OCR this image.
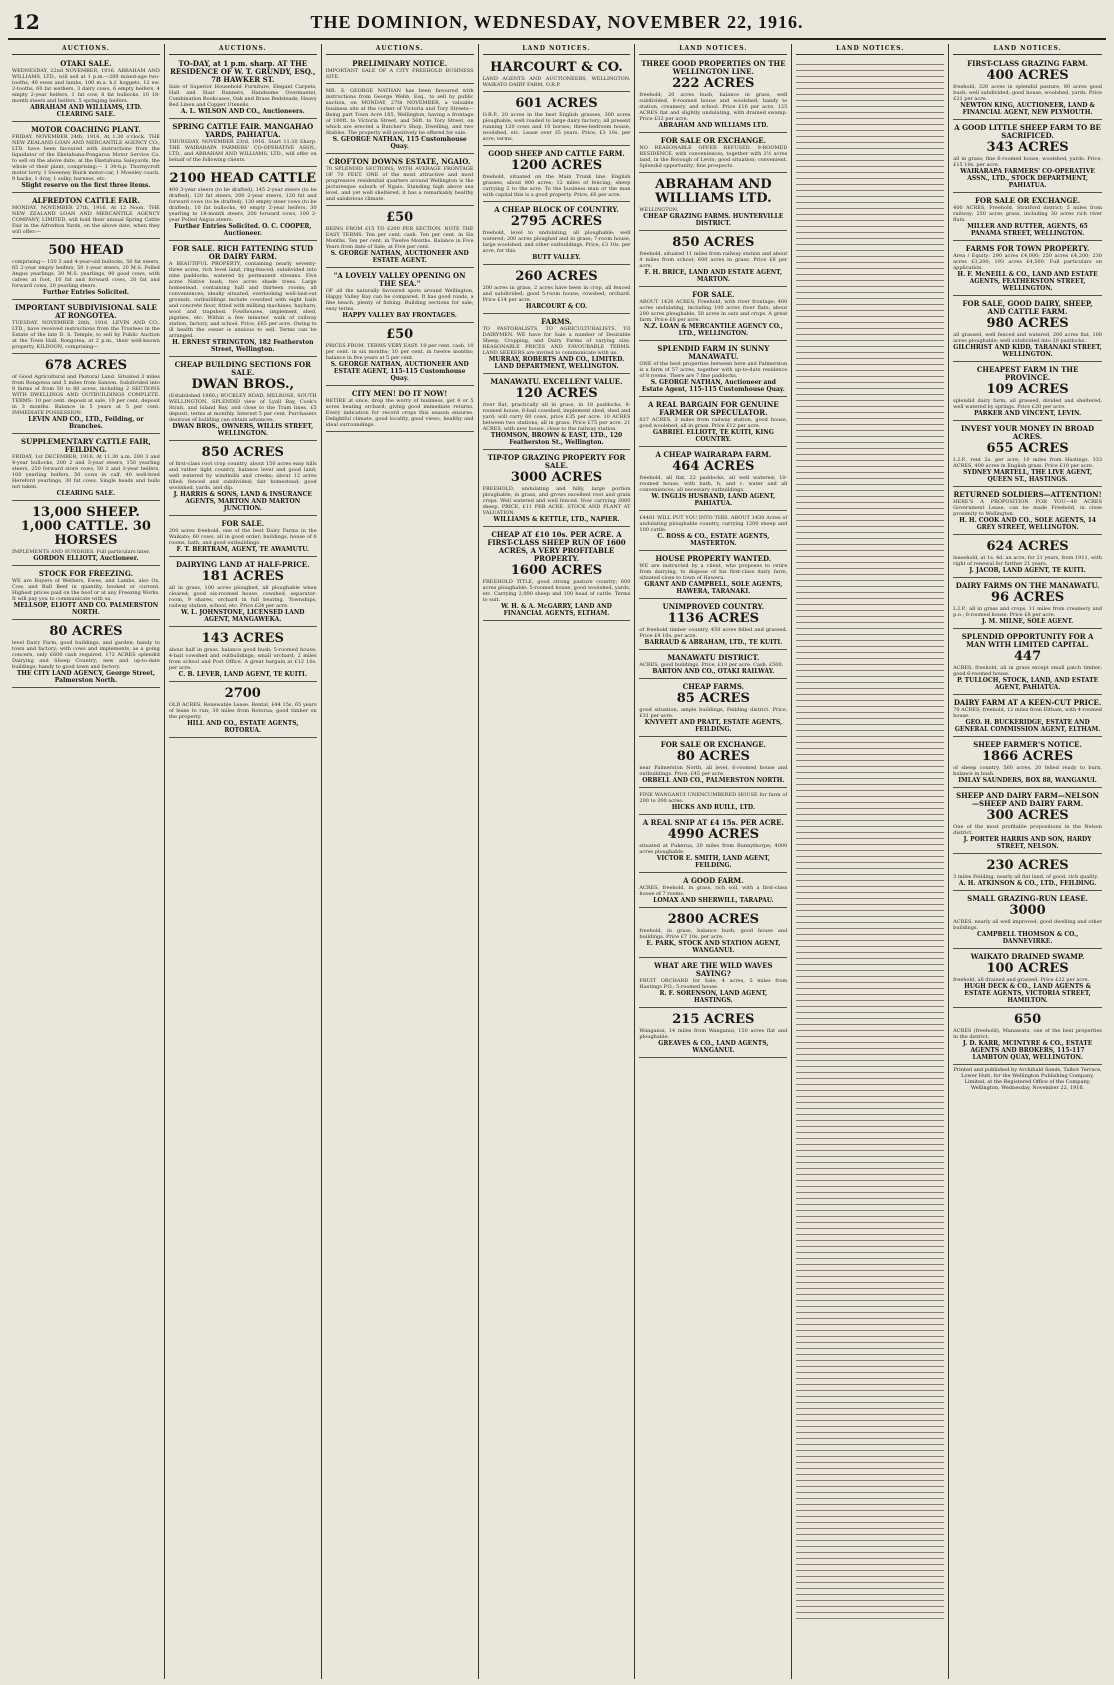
12	THE DOMINION, WEDNESDAY, NOVEMBER 22, 1916.
AUCTIONS.
OTAKI SALE.
WEDNESDAY, 22nd NOVEMBER, 1916. ABRAHAM AND WILLIAMS, LTD., will sell at 1 p.m.—200 mixed-age two-tooths, 40 ewes and lambs, 100 m.a. h.f. hoggets, 12 ew. 2-tooths, 60 fat wethers, 3 dairy cows, 6 empty heifers, 4 empty 2-year heifers, 1 fat cow, 8 fat bullocks, 10 18-month steers and heifers, 5 springing heifers.
ABRAHAM AND WILLIAMS, LTD. CLEARING SALE.
MOTOR COACHING PLANT.
FRIDAY, NOVEMBER 24th, 1916. At 1.30 o'clock. THE NEW ZEALAND LOAN AND MERCANTILE AGENCY CO., LTD. have been favoured with instructions from the liquidator of the Eketahuna-Pongaroa Motor Service Co. to sell on the above date, at the Eketahuna Saleyards, the whole of their plant, comprising:— 1 34-h.p. Thornycroft motor lorry, 1 Sweeney Buick motor-car, 1 Moseley coach, 9 hacks, 1 dray, 1 sulky, harness, etc.
Slight reserve on the first three items.
ALFREDTON CATTLE FAIR.
MONDAY, NOVEMBER 27th, 1916. At 12 Noon. THE NEW ZEALAND LOAN AND MERCANTILE AGENCY COMPANY, LIMITED, will hold their annual Spring Cattle Fair in the Alfredton Yards, on the above date, when they will offer:—
500 HEAD
comprising— 150 3 and 4-year-old bullocks, 50 fat steers, 65 2-year empty heifers, 50 1-year steers, 20 M.S. Polled Angus yearlings, 30 M.S. yearlings, 90 good cows, with calves at foot, 10 fat and forward cows, 20 fat and forward cows, 20 yearling steers.
Further Entries Solicited.
IMPORTANT SUBDIVISIONAL SALE AT RONGOTEA.
TUESDAY, NOVEMBER 28th, 1916. LEVIN AND CO., LTD., have received instructions from the Trustees in the Estate of the late D. S. Temple, to sell by Public Auction at the Town Hall, Rongotea, at 2 p.m., their well-known property, KILDOON, comprising—
678 ACRES
of Good Agricultural and Pastoral Land. Situated 3 miles from Rongotea and 5 miles from Sanson. Subdivided into 8 farms of from 50 to 80 acres, including 2 SECTIONS WITH DWELLINGS AND OUTBUILDINGS COMPLETE. TERMS: 10 per cent. deposit at sale, 10 per cent. deposit in 3 months. Balance in 5 years at 5 per cent. IMMEDIATE POSSESSION.
LEVIN AND CO., LTD., Feilding, or Branches.
SUPPLEMENTARY CATTLE FAIR, FEILDING.
FRIDAY, 1st DECEMBER, 1916. At 11.30 a.m. 200 3 and 4-year bullocks, 200 2 and 3-year steers, 150 yearling steers, 250 forward store cows, 50 2 and 3-year heifers, 100 yearling heifers, 50 cows in calf, 40 well-bred Hereford yearlings, 30 fat cows. Single heads and bulls not taken.
CLEARING SALE.
13,000 SHEEP. 1,000 CATTLE. 30 HORSES
IMPLEMENTS AND SUNDRIES. Full particulars later.
GORDON ELLIOTT, Auctioneer.
STOCK FOR FREEZING.
WE are Buyers of Wethers, Ewes, and Lambs, also Ox, Cow, and Bull Beef in quantity, booked or current. Highest prices paid on the hoof or at any Freezing Works. It will pay you to communicate with us.
MELLSOP, ELIOTT AND CO. PALMERSTON NORTH.
80 ACRES
level Dairy Farm, good buildings, and garden; handy to town and factory; with cows and implements, as a going concern, only £600 cash required. 172 ACRES splendid Dairying and Sheep Country; new and up-to-date buildings; handy to good town and factory.
THE CITY LAND AGENCY, George Street, Palmerston North.
AUCTIONS.
TO-DAY, at 1 p.m. sharp. AT THE RESIDENCE OF W. T. GRUNDY, ESQ., 78 HAWKER ST.
Sale of Superior Household Furniture, Elegant Carpets, Hall and Stair Runners, Handsome Overmantel, Combination Bookcases, Oak and Brass Bedsteads, Heavy Bed Linen and Copper Utensils.
A. L. WILSON AND CO., Auctioneers.
SPRING CATTLE FAIR. MANGAHAO YARDS, PAHIATUA.
THURSDAY, NOVEMBER 23rd, 1916. Start 11.30 Sharp. THE WAIRARAPA FARMERS' CO-OPERATIVE ASSN., LTD., and ABRAHAM AND WILLIAMS, LTD., will offer on behalf of the following clients.
2100 HEAD CATTLE
400 3-year steers (to be drafted), 145 2-year steers (to be drafted), 120 fat steers, 200 2-year steers, 120 fat and forward cows (to be drafted), 120 empty steer cows (to be drafted), 10 fat bullocks, 40 empty 2-year heifers, 30 yearling to 18-month steers, 200 forward cows, 100 2-year Polled Angus steers.
Further Entries Solicited. O. C. COOPER, Auctioneer.
FOR SALE. RICH FATTENING STUD OR DAIRY FARM.
A BEAUTIFUL PROPERTY, containing nearly seventy-three acres, rich level land, ring-fenced, subdivided into nine paddocks, watered by permanent streams. Five acres Native bush, two acres shade trees. Large homestead, containing hall and thirteen rooms; all conveniences; ideally situated, overlooking well-laid-out grounds, outbuildings include cowshed with eight bails and concrete floor, fitted with milking machines, haybarn, wool and trapshed. Fowlhouses, implement shed, pigsties, etc. Within a few minutes' walk of railway station, factory, and school. Price, £65 per acre. Owing to ill health the owner is anxious to sell. Terms can be arranged.
H. ERNEST STRINGTON, 182 Featherston Street, Wellington.
CHEAP BUILDING SECTIONS FOR SALE.
DWAN BROS.,
(Established 1860.) BUCKLEY ROAD, MELROSE, SOUTH WELLINGTON. SPLENDID view of Lyall Bay, Cook's Strait, and Island Bay, and close to the Tram lines. £5 deposit, terms at monthly. Interest 5 per cent. Purchasers desirous of building can obtain advances.
DWAN BROS., OWNERS, WILLIS STREET, WELLINGTON.
850 ACRES
of first-class root crop country, about 150 acres easy hills and rather light country, balance level and good land; well watered by windmills and creeks; about 12 acres tilled; fenced and subdivided; fair homestead; good woolshed, yards, and dip.
J. HARRIS & SONS, LAND & INSURANCE AGENTS, MARTON AND MARTON JUNCTION.
FOR SALE.
200 acres freehold, one of the best Dairy Farms in the Waikato; 60 cows, all in good order; buildings, house of 6 rooms, bath, and good outbuildings.
F. T. BERTRAM, AGENT, TE AWAMUTU.
DAIRYING LAND AT HALF-PRICE.
181 ACRES
all in grass, 100 acres ploughed, all ploughable when cleared; good six-roomed house, cowshed, separator-room, 9 shares, orchard in full bearing. Townships, railway station, school, etc. Price £24 per acre.
W. L. JOHNSTONE, LICENSED LAND AGENT, MANGAWEKA.
143 ACRES
about half in grass, balance good bush; 5-roomed house; 4-bail cowshed and outbuildings; small orchard; 2 miles from school and Post Office. A great bargain at £12 10s. per acre.
C. B. LEVER, LAND AGENT, TE KUITI.
2700
OLD ACRES, Renewable Lease. Rental, £44 15s. 65 years of lease to run; 30 miles from Rotorua; good timber on the property.
HILL AND CO., ESTATE AGENTS, ROTORUA.
AUCTIONS.
PRELIMINARY NOTICE.
IMPORTANT SALE OF A CITY FREEHOLD BUSINESS SITE.
MR. S. GEORGE NATHAN has been favoured with instructions from George Webb, Esq., to sell by public auction, on MONDAY, 27th NOVEMBER, a valuable business site at the corner of Victoria and Tory Streets—Being part Town Acre 185, Wellington, having a frontage of 100ft. to Victoria Street, and 56ft. to Tory Street, on which are erected a Butcher's Shop, Dwelling, and two Stables. The property will positively be offered for sale.
S. GEORGE NATHAN, 115 Customhouse Quay.
CROFTON DOWNS ESTATE, NGAIO.
70 SPLENDID SECTIONS, WITH AVERAGE FRONTAGE OF 70 FEET. ONE of the most attractive and most progressive residential quarters around Wellington is the picturesque suburb of Ngaio. Standing high above sea level, and yet well sheltered, it has a remarkably healthy and salubrious climate.
£50
BEING FROM £15 TO £200 PER SECTION. NOTE THE EASY TERMS. Ten per cent. cash. Ten per cent. in Six Months. Ten per cent. in Twelve Months. Balance in Five Years from date of Sale, at Five per cent.
S. GEORGE NATHAN, AUCTIONEER AND ESTATE AGENT.
"A LOVELY VALLEY OPENING ON THE SEA."
OF all the naturally favoured spots around Wellington, Happy Valley Bay can be compared. It has good roads, a fine beach, plenty of fishing. Building sections for sale; easy terms.
HAPPY VALLEY BAY FRONTAGES.
£50
PRICES FROM. TERMS VERY EASY. 10 per cent. cash, 10 per cent. in six months; 10 per cent. in twelve months; balance in five years at 5 per cent.
S. GEORGE NATHAN, AUCTIONEER AND ESTATE AGENT, 115-115 Customhouse Quay.
CITY MEN! DO IT NOW!
RETIRE at once, drop the worry of business, get 4 or 5 acres beating orchard; giving good immediate returns. Every indication for record crops this season ensures. Delightful climate, good locality, good views, healthy and ideal surroundings.
LAND NOTICES.
HARCOURT & CO.
LAND AGENTS AND AUCTIONEERS, WELLINGTON. WAIKATO DAIRY FARM, O.R.P.
601 ACRES
O.R.P., 20 acres in the best English grasses, 300 acres ploughable, well roaded to large dairy factory; all present running 120 cows and 10 horses; three-bedroom house, woolshed, etc. Lease over 35 years. Price, £3 10s. per acre; terms.
GOOD SHEEP AND CATTLE FARM.
1200 ACRES
freehold, situated on the Main Trunk line. English grasses, about 800 acres; 12 miles of fencing; sheep carrying 2 to the acre. To the business man or the man with capital this is a good property. Price, £6 per acre.
A CHEAP BLOCK OF COUNTRY.
2795 ACRES
freehold, level to undulating, all ploughable; well watered; 200 acres ploughed and in grass; 7-room house, large woolshed, and other outbuildings. Price, £3 10s. per acre, for this.
BUTT VALLEY.
260 ACRES
200 acres in grass, 2 acres have been in crop, all fenced and subdivided; good 5-room house; cowshed; orchard. Price £14 per acre.
HARCOURT & CO.
FARMS.
TO PASTORALISTS. TO AGRICULTURALISTS. TO DAIRYMEN. WE have for Sale a number of Desirable Sheep, Cropping, and Dairy Farms of varying size. REASONABLE PRICES AND FAVOURABLE TERMS. LAND SEEKERS are invited to communicate with us.
MURRAY, ROBERTS AND CO., LIMITED. LAND DEPARTMENT, WELLINGTON.
MANAWATU. EXCELLENT VALUE.
120 ACRES
river flat, practically all in grass, in 18 paddocks, 8-roomed house, 6-bail cowshed, implement shed, shed and yard; will carry 60 cows, price £35 per acre. 10 ACRES between two stations; all in grass. Price £75 per acre. 21 ACRES, with new house, close to the railway station.
THOMSON, BROWN & EAST, LTD., 120 Featherston St., Wellington.
TIP-TOP GRAZING PROPERTY FOR SALE.
3000 ACRES
FREEHOLD, undulating and hilly, large portion ploughable, in grass, and grows excellent root and grain crops. Well watered and well fenced. Now carrying 3000 sheep. PRICE, £11 PER ACRE. STOCK AND PLANT AT VALUATION.
WILLIAMS & KETTLE, LTD., NAPIER.
CHEAP AT £10 10s. PER ACRE. A FIRST-CLASS SHEEP RUN OF 1600 ACRES, A VERY PROFITABLE PROPERTY.
1600 ACRES
FREEHOLD TITLE, good strong pasture country; 600 acres ploughable; 5-roomed house, good woolshed, yards, etc. Carrying 2,000 sheep and 100 head of cattle. Terms to suit.
W. H. & A. McGARRY, LAND AND FINANCIAL AGENTS, ELTHAM.
LAND NOTICES.
THREE GOOD PROPERTIES ON THE WELLINGTON LINE.
222 ACRES
freehold; 20 acres bush, balance in grass, well subdivided, 8-roomed house and woolshed; handy to station, creamery, and school. Price £16 per acre. 125 ACRES flat and slightly undulating, with drained swamp. Price £32 per acre.
ABRAHAM AND WILLIAMS LTD.
FOR SALE OR EXCHANGE.
NO REASONABLE OFFER REFUSED. 9-ROOMED RESIDENCE, with conveniences, together with 2½ acres land, in the Borough of Levin; good situation; convenient. Splendid opportunity; fine prospects.
ABRAHAM AND WILLIAMS LTD.
WELLINGTON.
CHEAP GRAZING FARMS. HUNTERVILLE DISTRICT.
850 ACRES
freehold, situated 11 miles from railway station and about 4 miles from school; 600 acres in grass. Price £8 per acre.
F. H. BRICE, LAND AND ESTATE AGENT, MARTON.
FOR SALE.
ABOUT 1426 ACRES, Freehold, with river frontage; 400 acres undulating, including 100 acres river flats; about 200 acres ploughable, 50 acres in oats and crops. A great farm. Price £6 per acre.
N.Z. LOAN & MERCANTILE AGENCY CO., LTD., WELLINGTON.
SPLENDID FARM IN SUNNY MANAWATU.
ONE of the best properties between here and Palmerston is a farm of 57 acres, together with up-to-date residence of 8 rooms. There are 7 fine paddocks.
S. GEORGE NATHAN, Auctioneer and Estate Agent, 115-115 Customhouse Quay.
A REAL BARGAIN FOR GENUINE FARMER OR SPECULATOR.
827 ACRES, 3 miles from railway station, good house, good woolshed, all in grass. Price £12 per acre.
GABRIEL ELLIOTT, TE KUITI, KING COUNTRY.
A CHEAP WAIRARAPA FARM.
464 ACRES
freehold, all flat, 22 paddocks, all well watered; 10-roomed house, with bath, h. and c. water and all conveniences; all necessary outbuildings.
W. INGLIS HUSBAND, LAND AGENT, PAHIATUA.
£4481 WILL PUT YOU INTO THIS. ABOUT 1430 Acres of undulating ploughable country, carrying 1200 sheep and 100 cattle.
C. ROSS & CO., ESTATE AGENTS, MASTERTON.
HOUSE PROPERTY WANTED.
WE are instructed by a client, who proposes to retire from dairying, to dispose of his first-class dairy farm, situated close to town of Hawera.
GRANT AND CAMPBELL, SOLE AGENTS, HAWERA, TARANAKI.
UNIMPROVED COUNTRY.
1136 ACRES
of freehold timber country, 450 acres felled and grassed. Price £4 10s. per acre.
BARRAUD & ABRAHAM, LTD., TE KUITI.
MANAWATU DISTRICT.
ACRES, good buildings. Price, £19 per acre. Cash, £500.
BARTON AND CO., OTAKI RAILWAY.
CHEAP FARMS.
85 ACRES
good situation, ample buildings, Feilding district. Price, £31 per acre.
KNYVETT AND PRATT, ESTATE AGENTS, FEILDING.
FOR SALE OR EXCHANGE.
80 ACRES
near Palmerston North, all level, 6-roomed house and outbuildings. Price, £45 per acre.
ORBELL AND CO., PALMERSTON NORTH.
FINE WANGANUI UNENCUMBERED HOUSE for farm of 200 to 300 acres.
HICKS AND RUILL, LTD.
A REAL SNIP AT £4 15s. PER ACRE.
4990 ACRES
situated at Pukerua, 20 miles from Bunnythorpe; 4000 acres ploughable.
VICTOR E. SMITH, LAND AGENT, FEILDING.
A GOOD FARM.
ACRES, freehold, in grass, rich soil, with a first-class house of 7 rooms.
LOMAX AND SHERWILL, TARAPAU.
2800 ACRES
freehold, in grass, balance bush; good house and buildings. Price £7 10s. per acre.
E. PARK, STOCK AND STATION AGENT, WANGANUI.
WHAT ARE THE WILD WAVES SAYING?
FRUIT ORCHARD for Sale, 4 acres, 5 miles from Hastings P.O.; 5-roomed house.
R. F. SORENSON, LAND AGENT, HASTINGS.
215 ACRES
Wanganui, 14 miles from Wanganui; 150 acres flat and ploughable.
GREAVES & CO., LAND AGENTS, WANGANUI.
LAND NOTICES.	LAND NOTICES.
FIRST-CLASS GRAZING FARM.
400 ACRES
freehold, 320 acres in splendid pasture, 80 acres good bush; well subdivided; good house, woolshed, yards. Price £21 per acre.
NEWTON KING, AUCTIONEER, LAND & FINANCIAL AGENT, NEW PLYMOUTH.
A GOOD LITTLE SHEEP FARM TO BE SACRIFICED.
343 ACRES
all in grass; fine 6-roomed house, woolshed, yards. Price, £15 10s. per acre.
WAIRARAPA FARMERS' CO-OPERATIVE ASSN., LTD., STOCK DEPARTMENT, PAHIATUA.
FOR SALE OR EXCHANGE.
400 ACRES, Freehold, Stratford district; 5 miles from railway; 250 acres grass, including 30 acres rich river flats.
MILLER AND RUTTER, AGENTS, 65 PANAMA STREET, WELLINGTON.
FARMS FOR TOWN PROPERTY.
Area / Equity: 290 acres £4,000; 250 acres £4,200; 230 acres £3,200; 193 acres £4,500. Full particulars on application.
H. F. McNEILL & CO., LAND AND ESTATE AGENTS, FEATHERSTON STREET, WELLINGTON.
FOR SALE, GOOD DAIRY, SHEEP, AND CATTLE FARM.
980 ACRES
all grassed, well fenced and watered, 200 acres flat, 100 acres ploughable; well subdivided into 20 paddocks.
GILCHRIST AND KIDD, TARANAKI STREET, WELLINGTON.
CHEAPEST FARM IN THE PROVINCE.
109 ACRES
splendid dairy farm, all grassed, divided and sheltered, well watered by springs. Price £20 per acre.
PARKER AND VINCENT, LEVIN.
INVEST YOUR MONEY IN BROAD ACRES.
655 ACRES
L.I.P., rent 2s. per acre; 10 miles from Hastings. 333 ACRES, 400 acres in English grass. Price £10 per acre.
SYDNEY MARTELL, THE LIVE AGENT, QUEEN ST., HASTINGS.
RETURNED SOLDIERS—ATTENTION!
HERE'S A PROPOSITION FOR YOU—40 ACRES Government Lease, can be made Freehold, in close proximity to Wellington.
H. H. COOK AND CO., SOLE AGENTS, 14 GREY STREET, WELLINGTON.
624 ACRES
leasehold, at 1s. 4d. an acre, for 21 years, from 1911, with right of renewal for further 21 years.
J. JACOB, LAND AGENT, TE KUITI.
DAIRY FARMS ON THE MANAWATU.
96 ACRES
L.I.P., all in grass and crops, 11 miles from creamery and p.o.; 6-roomed house. Price £8 per acre.
J. M. MILNE, SOLE AGENT.
SPLENDID OPPORTUNITY FOR A MAN WITH LIMITED CAPITAL.
447
ACRES, freehold, all in grass except small patch timber; good 6-roomed house.
P. TULLOCH, STOCK, LAND, AND ESTATE AGENT, PAHIATUA.
DAIRY FARM AT A KEEN-CUT PRICE.
70 ACRES, freehold, 12 miles from Eltham, with 4-roomed house.
GEO. H. BUCKERIDGE, ESTATE AND GENERAL COMMISSION AGENT, ELTHAM.
SHEEP FARMER'S NOTICE.
1866 ACRES
of sheep country, 560 acres, 20 felled ready to burn, balance in bush.
IMLAY SAUNDERS, BOX 88, WANGANUI.
SHEEP AND DAIRY FARM—NELSON—SHEEP AND DAIRY FARM.
300 ACRES
One of the most profitable propositions in the Nelson district.
J. PORTER HARRIS AND SON, HARDY STREET, NELSON.
230 ACRES
3 miles Feilding, nearly all flat land, of good, rich quality.
A. H. ATKINSON & CO., LTD., FEILDING.
SMALL GRAZING-RUN LEASE.
3000
ACRES, nearly all well improved; good dwelling and other buildings.
CAMPBELL THOMSON & CO., DANNEVIRKE.
WAIKATO DRAINED SWAMP.
100 ACRES
freehold, all drained and grassed. Price £22 per acre.
HUGH DECK & CO., LAND AGENTS & ESTATE AGENTS, VICTORIA STREET, HAMILTON.
650
ACRES (freehold), Manawatu, one of the best properties in the district.
J. D. KARR, MCINTYRE & CO., ESTATE AGENTS AND BROKERS, 115-117 LAMBTON QUAY, WELLINGTON.
Printed and published by Archibald Sands, Talbot Terrace, Lower Hutt, for the Wellington Publishing Company, Limited, at the Registered Office of the Company, Wellington, Wednesday, November 22, 1916.
